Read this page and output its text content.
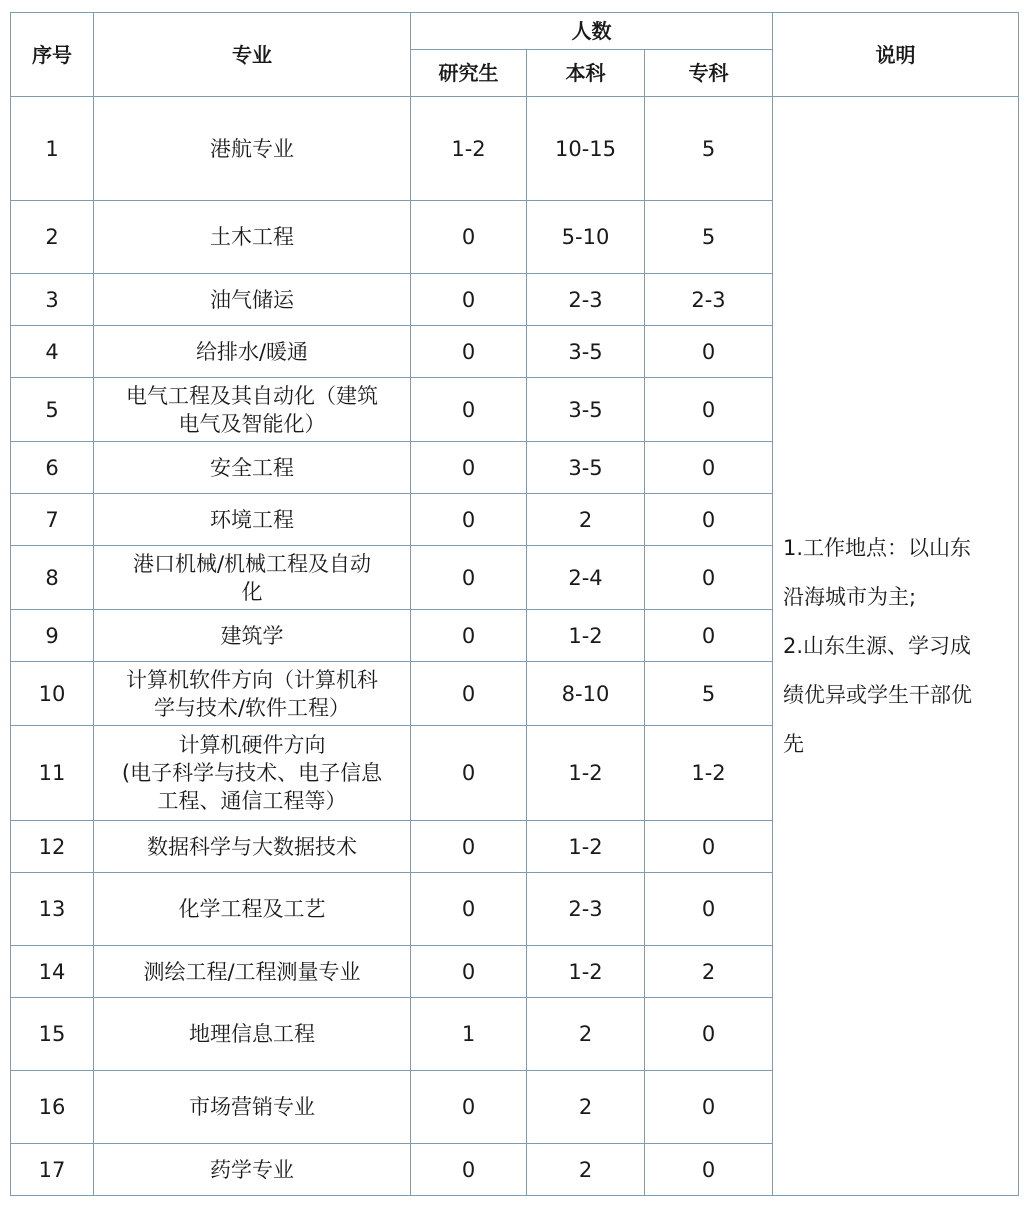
序号	专业	人数			说明
		研究生	本科	专科	
1	港航专业	1-2	10-15	5	1.工作地点：以山东
沿海城市为主;
2.山东生源、学习成
绩优异或学生干部优
先

2	土木工程	0	5-10	5	
3	油气储运	0	2-3	2-3	
4	给排水/暖通	0	3-5	0	
5	电气工程及其自动化（建筑
电气及智能化）	0	3-5	0	
6	安全工程	0	3-5	0	
7	环境工程	0	2	0	
8	港口机械/机械工程及自动
化	0	2-4	0	
9	建筑学	0	1-2	0	
10	计算机软件方向（计算机科
学与技术/软件工程）	0	8-10	5	
11	计算机硬件方向
(电子科学与技术、电子信息
工程、通信工程等）	0	1-2	1-2	
12	数据科学与大数据技术	0	1-2	0	
13	化学工程及工艺	0	2-3	0	
14	测绘工程/工程测量专业	0	1-2	2	
15	地理信息工程	1	2	0	
16	市场营销专业	0	2	0	
17	药学专业	0	2	0	
